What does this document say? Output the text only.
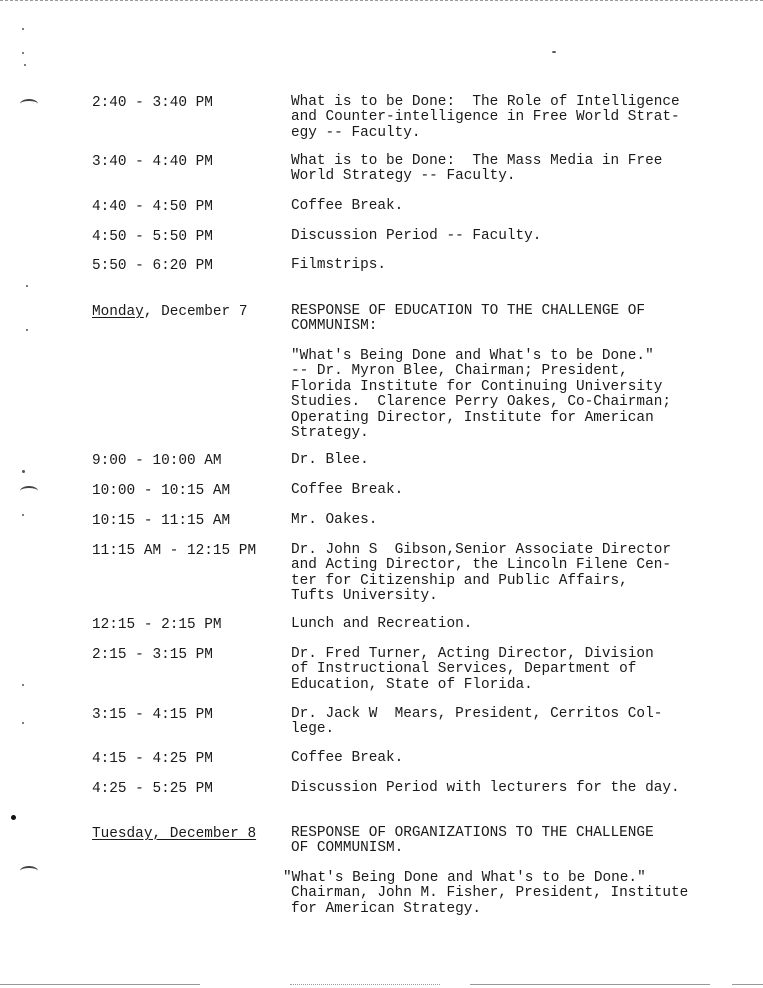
2:40 - 3:40 PM	What is to be Done:  The Role of Intelligence
and Counter-intelligence in Free World Strat-
egy -- Faculty.
3:40 - 4:40 PM	What is to be Done:  The Mass Media in Free
World Strategy -- Faculty.
4:40 - 4:50 PM	Coffee Break.
4:50 - 5:50 PM	Discussion Period -- Faculty.
5:50 - 6:20 PM	Filmstrips.
Monday, December 7	RESPONSE OF EDUCATION TO THE CHALLENGE OF
COMMUNISM:
"What's Being Done and What's to be Done."
-- Dr. Myron Blee, Chairman; President,
Florida Institute for Continuing University
Studies.  Clarence Perry Oakes, Co-Chairman;
Operating Director, Institute for American
Strategy.
9:00 - 10:00 AM	Dr. Blee.
10:00 - 10:15 AM	Coffee Break.
10:15 - 11:15 AM	Mr. Oakes.
11:15 AM - 12:15 PM Dr. John S  Gibson,Senior Associate Director
and Acting Director, the Lincoln Filene Cen-
ter for Citizenship and Public Affairs,
Tufts University.
12:15 - 2:15 PM	Lunch and Recreation.
2:15 - 3:15 PM	Dr. Fred Turner, Acting Director, Division
of Instructional Services, Department of
Education, State of Florida.
3:15 - 4:15 PM	Dr. Jack W  Mears, President, Cerritos Col-
lege.
4:15 - 4:25 PM	Coffee Break.
4:25 - 5:25 PM	Discussion Period with lecturers for the day.
Tuesday, December 8 RESPONSE OF ORGANIZATIONS TO THE CHALLENGE
OF COMMUNISM.
"What's Being Done and What's to be Done."
Chairman, John M. Fisher, President, Institute
for American Strategy.
